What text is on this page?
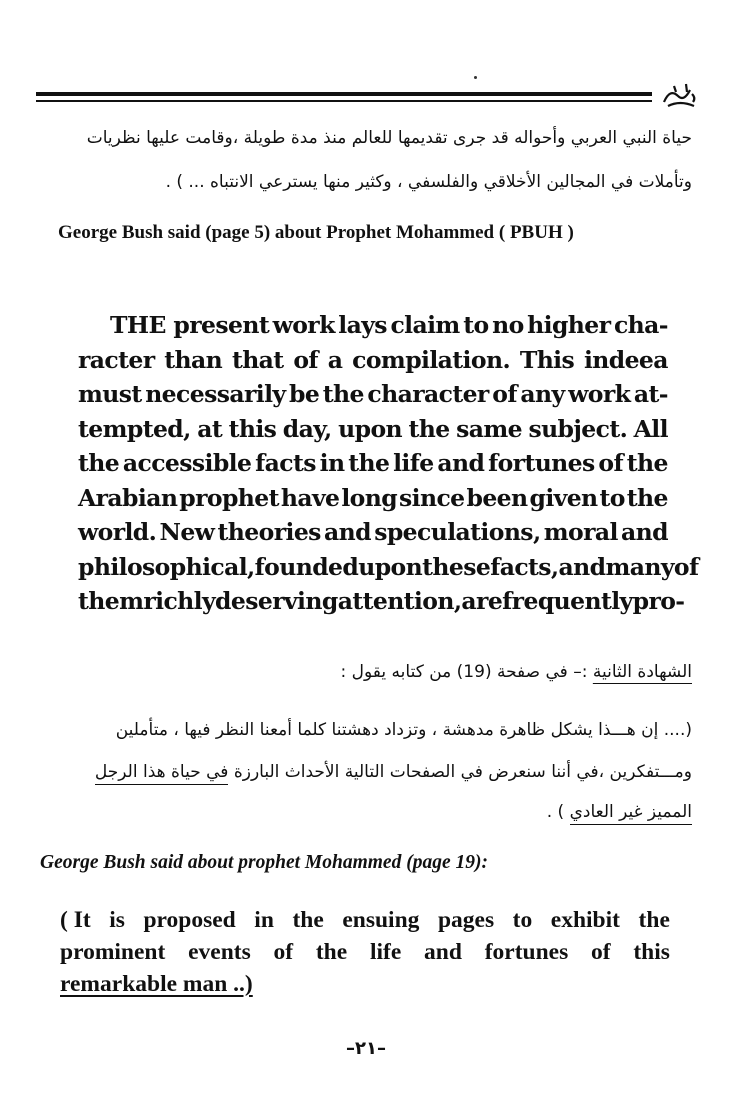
حياة النبي العربي وأحواله قد جرى تقديمها للعالم منذ مدة طويلة ،وقامت عليها نظريات
وتأملات في المجالين الأخلاقي والفلسفي ، وكثير منها يسترعي الانتباه ... ) .
George Bush said (page 5) about Prophet Mohammed ( PBUH )
THE present work lays claim to no higher cha-
racter than that of a compilation. This indeea
must necessarily be the character of any work at-
tempted, at this day, upon the same subject. All
the accessible facts in the life and fortunes of the
Arabian prophet have long since been given to the
world. New theories and speculations, moral and
philosophical, founded upon these facts, and many of
them richly deserving attention, are frequently pro-
الشهادة الثانية :– في صفحة (19) من كتابه يقول :
(.... إن هـــذا يشكل ظاهرة مدهشة ، وتزداد دهشتنا كلما أمعنا النظر فيها ، متأملين
ومـــتفكرين ،في أننا سنعرض في الصفحات التالية الأحداث البارزة في حياة هذا الرجل
المميز غير العادي ) .
George Bush said about prophet Mohammed (page 19):
( It is proposed in the ensuing pages to exhibit the
prominent events of the life and fortunes of this
remarkable man ..)
–٢١–
